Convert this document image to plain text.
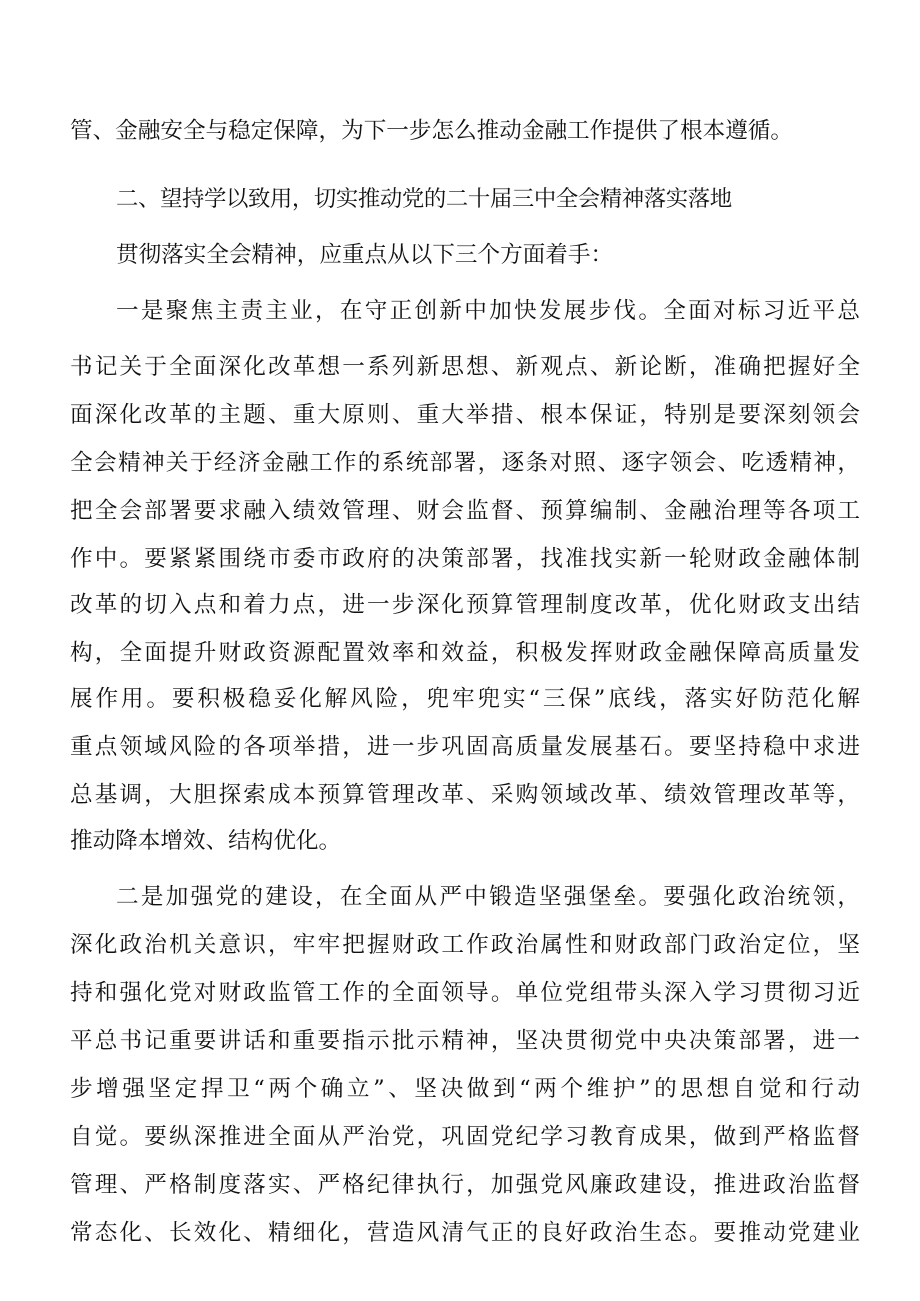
管、金融安全与稳定保障，为下一步怎么推动金融工作提供了根本遵循。
二、望持学以致用，切实推动党的二十届三中全会精神落实落地
贯彻落实全会精神，应重点从以下三个方面着手：
一是聚焦主责主业，在守正创新中加快发展步伐。全面对标习近平总
书记关于全面深化改革想一系列新思想、新观点、新论断，准确把握好全
面深化改革的主题、重大原则、重大举措、根本保证，特别是要深刻领会
全会精神关于经济金融工作的系统部署，逐条对照、逐字领会、吃透精神，
把全会部署要求融入绩效管理、财会监督、预算编制、金融治理等各项工
作中。要紧紧围绕市委市政府的决策部署，找准找实新一轮财政金融体制
改革的切入点和着力点，进一步深化预算管理制度改革，优化财政支出结
构，全面提升财政资源配置效率和效益，积极发挥财政金融保障高质量发
展作用。要积极稳妥化解风险，兜牢兜实“三保”底线，落实好防范化解
重点领域风险的各项举措，进一步巩固高质量发展基石。要坚持稳中求进
总基调，大胆探索成本预算管理改革、采购领域改革、绩效管理改革等，
推动降本增效、结构优化。
二是加强党的建设，在全面从严中锻造坚强堡垒。要强化政治统领，
深化政治机关意识，牢牢把握财政工作政治属性和财政部门政治定位，坚
持和强化党对财政监管工作的全面领导。单位党组带头深入学习贯彻习近
平总书记重要讲话和重要指示批示精神，坚决贯彻党中央决策部署，进一
步增强坚定捍卫“两个确立”、坚决做到“两个维护”的思想自觉和行动
自觉。要纵深推进全面从严治党，巩固党纪学习教育成果，做到严格监督
管理、严格制度落实、严格纪律执行，加强党风廉政建设，推进政治监督
常态化、长效化、精细化，营造风清气正的良好政治生态。要推动党建业
